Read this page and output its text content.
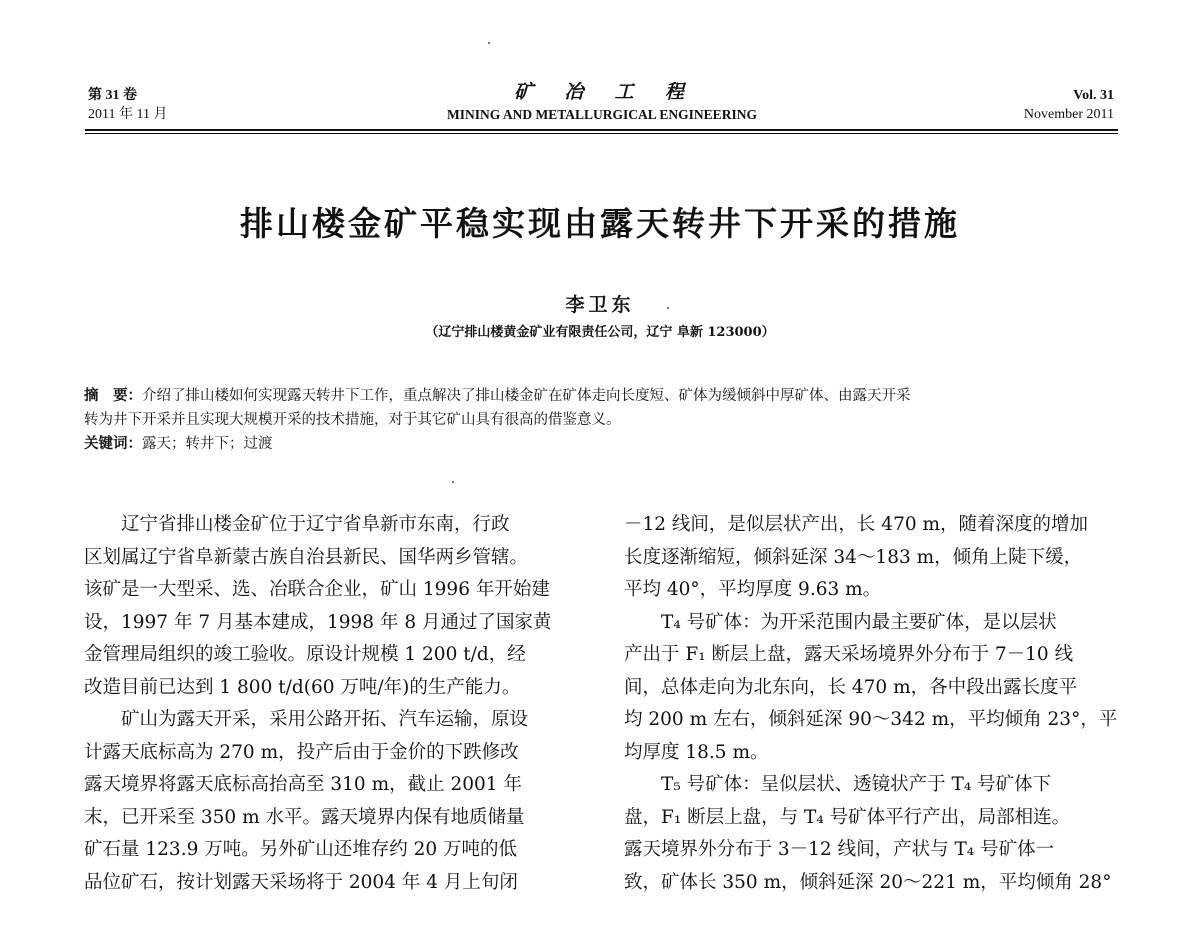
第 31 卷
2011 年 11 月
矿  冶  工  程
MINING AND METALLURGICAL ENGINEERING
Vol. 31
November 2011
排山楼金矿平稳实现由露天转井下开采的措施
李卫东
（辽宁排山楼黄金矿业有限责任公司，辽宁 阜新 123000）
摘　要：介绍了排山楼如何实现露天转井下工作，重点解决了排山楼金矿在矿体走向长度短、矿体为缓倾斜中厚矿体、由露天开采
转为井下开采并且实现大规模开采的技术措施，对于其它矿山具有很高的借鉴意义。
关键词：露天；转井下；过渡
辽宁省排山楼金矿位于辽宁省阜新市东南，行政
区划属辽宁省阜新蒙古族自治县新民、国华两乡管辖。
该矿是一大型采、选、冶联合企业，矿山 1996 年开始建
设，1997 年 7 月基本建成，1998 年 8 月通过了国家黄
金管理局组织的竣工验收。原设计规模 1 200 t/d，经
改造目前已达到 1 800 t/d(60 万吨/年)的生产能力。
矿山为露天开采，采用公路开拓、汽车运输，原设
计露天底标高为 270 m，投产后由于金价的下跌修改
露天境界将露天底标高抬高至 310 m，截止 2001 年
末，已开采至 350 m 水平。露天境界内保有地质储量
矿石量 123.9 万吨。另外矿山还堆存约 20 万吨的低
品位矿石，按计划露天采场将于 2004 年 4 月上旬闭
－12 线间，是似层状产出，长 470 m，随着深度的增加
长度逐渐缩短，倾斜延深 34～183 m，倾角上陡下缓，
平均 40°，平均厚度 9.63 m。
T₄ 号矿体：为开采范围内最主要矿体，是以层状
产出于 F₁ 断层上盘，露天采场境界外分布于 7－10 线
间，总体走向为北东向，长 470 m，各中段出露长度平
均 200 m 左右，倾斜延深 90～342 m，平均倾角 23°，平
均厚度 18.5 m。
T₅ 号矿体：呈似层状、透镜状产于 T₄ 号矿体下
盘，F₁ 断层上盘，与 T₄ 号矿体平行产出，局部相连。
露天境界外分布于 3－12 线间，产状与 T₄ 号矿体一
致，矿体长 350 m，倾斜延深 20～221 m，平均倾角 28°
